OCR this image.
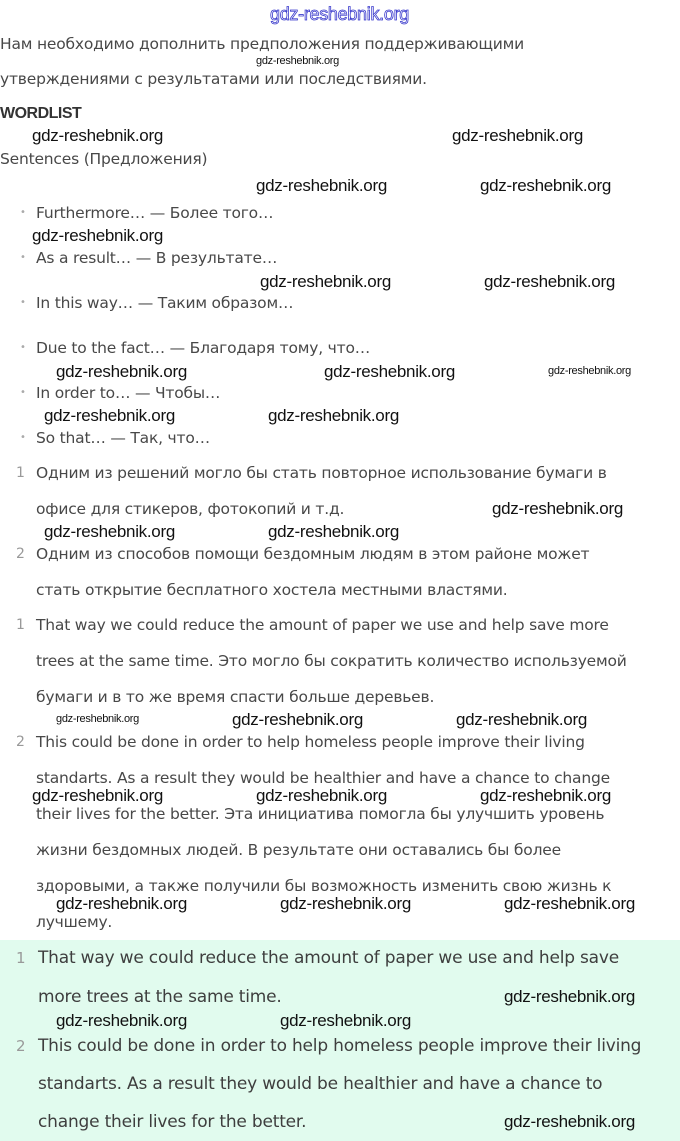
Нам необходимо дополнить предположения поддерживающими
утверждениями с результатами или последствиями.
WORDLIST
Sentences (Предложения)
• Furthermore… — Более того…
• As a result… — В результате…
• In this way… — Таким образом…
• Due to the fact… — Благодаря тому, что…
• In order to… — Чтобы…
• So that… — Так, что…
1 Одним из решений могло бы стать повторное использование бумаги в
офисе для стикеров, фотокопий и т.д.
2 Одним из способов помощи бездомным людям в этом районе может
стать открытие бесплатного хостела местными властями.
1 That way we could reduce the amount of paper we use and help save more
trees at the same time. Это могло бы сократить количество используемой
бумаги и в то же время спасти больше деревьев.
2 This could be done in order to help homeless people improve their living
standarts. As a result they would be healthier and have a chance to change
their lives for the better. Эта инициатива помогла бы улучшить уровень
жизни бездомных людей. В результате они оставались бы более
здоровыми, а также получили бы возможность изменить свою жизнь к
лучшему.
1 That way we could reduce the amount of paper we use and help save
more trees at the same time.
2 This could be done in order to help homeless people improve their living
standarts. As a result they would be healthier and have a chance to
change their lives for the better.
gdz-reshebnik.org
gdz-reshebnik.org
gdz-reshebnik.org
gdz-reshebnik.org
gdz-reshebnik.org	gdz-reshebnik.org
gdz-reshebnik.org
gdz-reshebnik.org	gdz-reshebnik.org
gdz-reshebnik.org	gdz-reshebnik.org	gdz-reshebnik.org
gdz-reshebnik.org	gdz-reshebnik.org
gdz-reshebnik.org
gdz-reshebnik.org	gdz-reshebnik.org
gdz-reshebnik.org	gdz-reshebnik.org	gdz-reshebnik.org
gdz-reshebnik.org	gdz-reshebnik.org	gdz-reshebnik.org
gdz-reshebnik.org	gdz-reshebnik.org	gdz-reshebnik.org
gdz-reshebnik.org
gdz-reshebnik.org	gdz-reshebnik.org
gdz-reshebnik.org
